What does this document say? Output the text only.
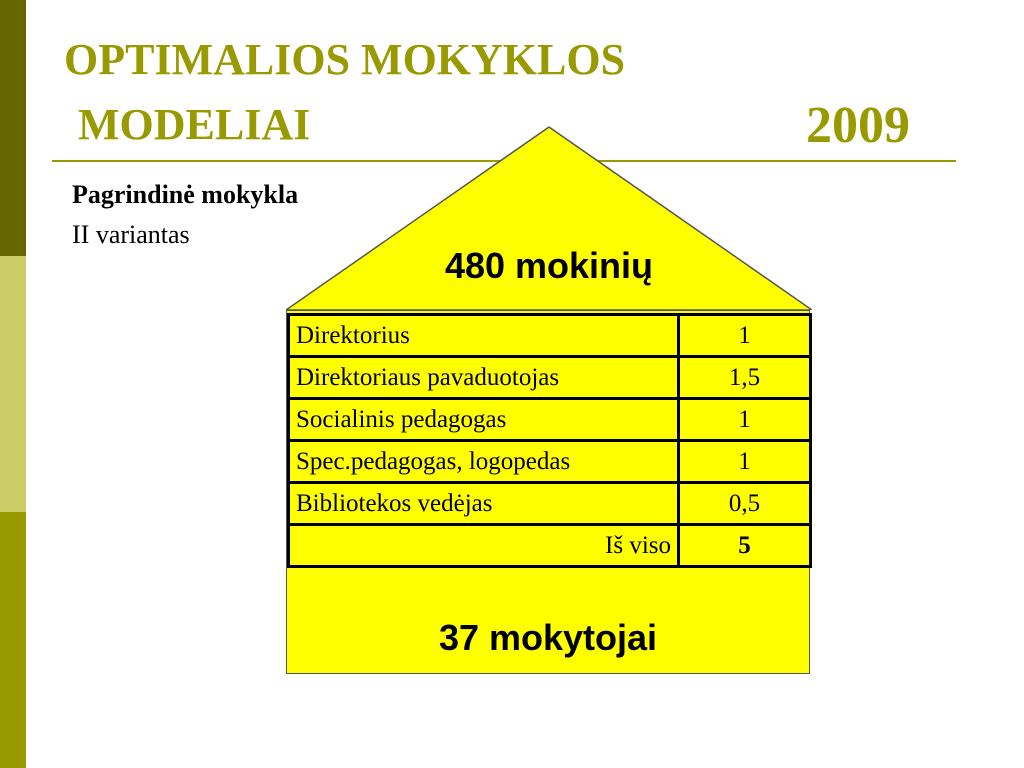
OPTIMALIOS MOKYKLOS
MODELIAI	2009
Pagrindinė mokykla
II variantas
480 mokinių
Direktorius	1
Direktoriaus pavaduotojas	1,5
Socialinis pedagogas	1
Spec.pedagogas, logopedas	1
Bibliotekos vedėjas	0,5
Iš viso	5
37 mokytojai
